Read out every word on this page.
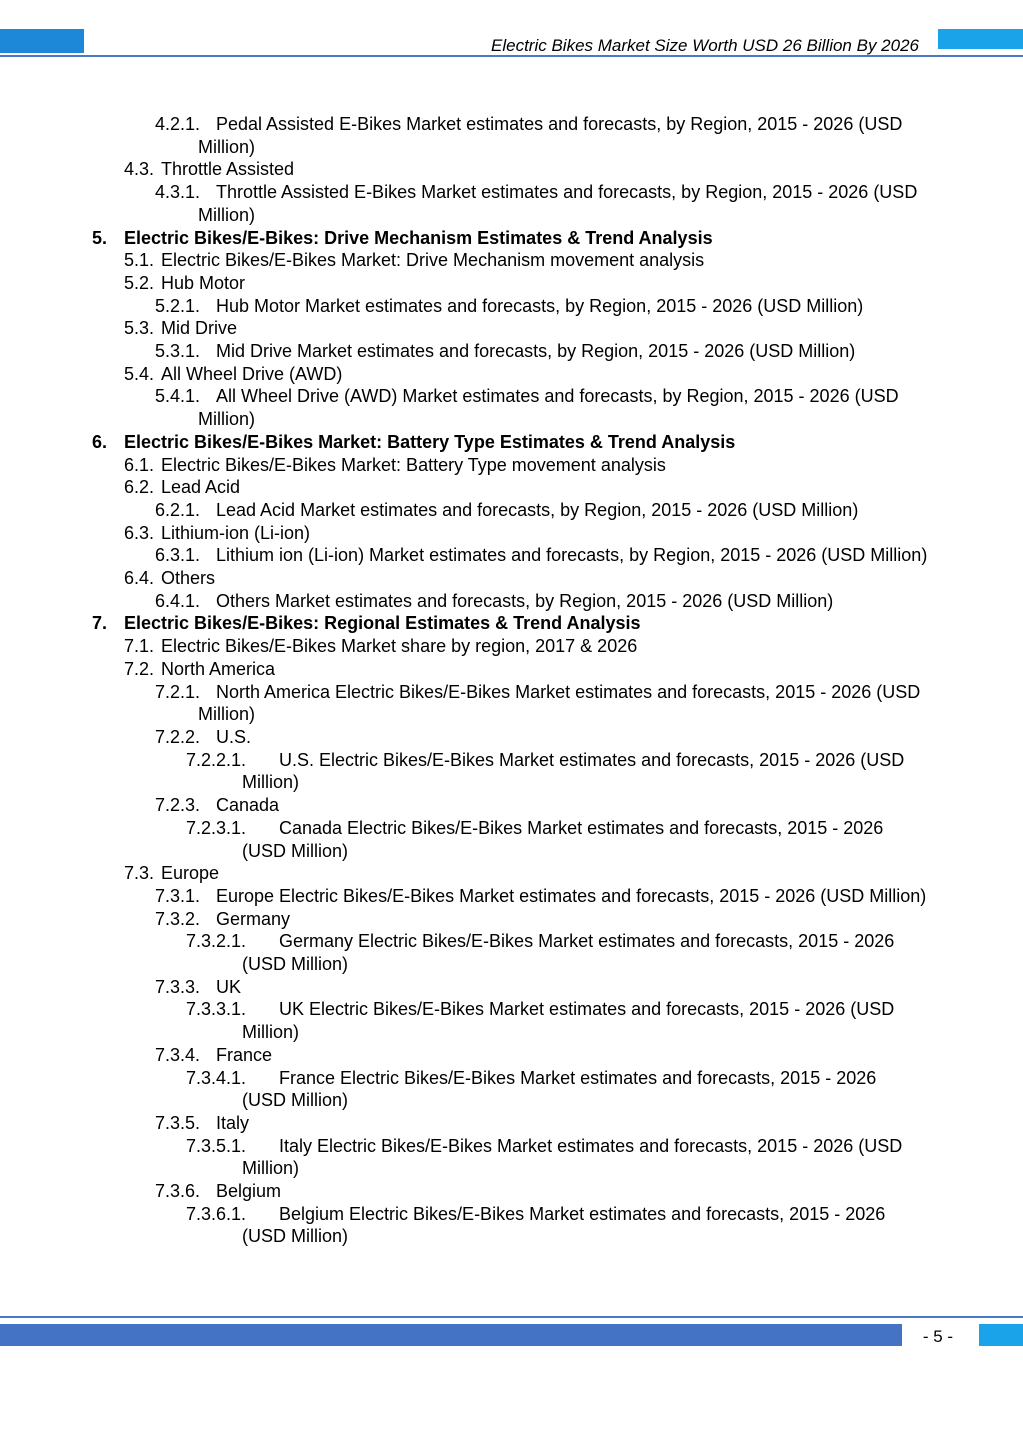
Electric Bikes Market Size Worth USD 26 Billion By 2026
4.2.1. Pedal Assisted E-Bikes Market estimates and forecasts, by Region, 2015 - 2026 (USD Million)
4.3. Throttle Assisted
4.3.1. Throttle Assisted E-Bikes Market estimates and forecasts, by Region, 2015 - 2026 (USD Million)
5. Electric Bikes/E-Bikes: Drive Mechanism Estimates & Trend Analysis
5.1. Electric Bikes/E-Bikes Market: Drive Mechanism movement analysis
5.2. Hub Motor
5.2.1. Hub Motor Market estimates and forecasts, by Region, 2015 - 2026 (USD Million)
5.3. Mid Drive
5.3.1. Mid Drive Market estimates and forecasts, by Region, 2015 - 2026 (USD Million)
5.4. All Wheel Drive (AWD)
5.4.1. All Wheel Drive (AWD) Market estimates and forecasts, by Region, 2015 - 2026 (USD Million)
6. Electric Bikes/E-Bikes Market: Battery Type Estimates & Trend Analysis
6.1. Electric Bikes/E-Bikes Market: Battery Type movement analysis
6.2. Lead Acid
6.2.1. Lead Acid Market estimates and forecasts, by Region, 2015 - 2026 (USD Million)
6.3. Lithium-ion (Li-ion)
6.3.1. Lithium ion (Li-ion) Market estimates and forecasts, by Region, 2015 - 2026 (USD Million)
6.4. Others
6.4.1. Others Market estimates and forecasts, by Region, 2015 - 2026 (USD Million)
7. Electric Bikes/E-Bikes: Regional Estimates & Trend Analysis
7.1. Electric Bikes/E-Bikes Market share by region, 2017 & 2026
7.2. North America
7.2.1. North America Electric Bikes/E-Bikes Market estimates and forecasts, 2015 - 2026 (USD Million)
7.2.2. U.S.
7.2.2.1.	U.S. Electric Bikes/E-Bikes Market estimates and forecasts, 2015 - 2026 (USD Million)
7.2.3. Canada
7.2.3.1.	Canada Electric Bikes/E-Bikes Market estimates and forecasts, 2015 - 2026 (USD Million)
7.3. Europe
7.3.1. Europe Electric Bikes/E-Bikes Market estimates and forecasts, 2015 - 2026 (USD Million)
7.3.2. Germany
7.3.2.1.	Germany Electric Bikes/E-Bikes Market estimates and forecasts, 2015 - 2026 (USD Million)
7.3.3. UK
7.3.3.1.	UK Electric Bikes/E-Bikes Market estimates and forecasts, 2015 - 2026 (USD Million)
7.3.4. France
7.3.4.1.	France Electric Bikes/E-Bikes Market estimates and forecasts, 2015 - 2026 (USD Million)
7.3.5. Italy
7.3.5.1.	Italy Electric Bikes/E-Bikes Market estimates and forecasts, 2015 - 2026 (USD Million)
7.3.6. Belgium
7.3.6.1.	Belgium Electric Bikes/E-Bikes Market estimates and forecasts, 2015 - 2026 (USD Million)
- 5 -
